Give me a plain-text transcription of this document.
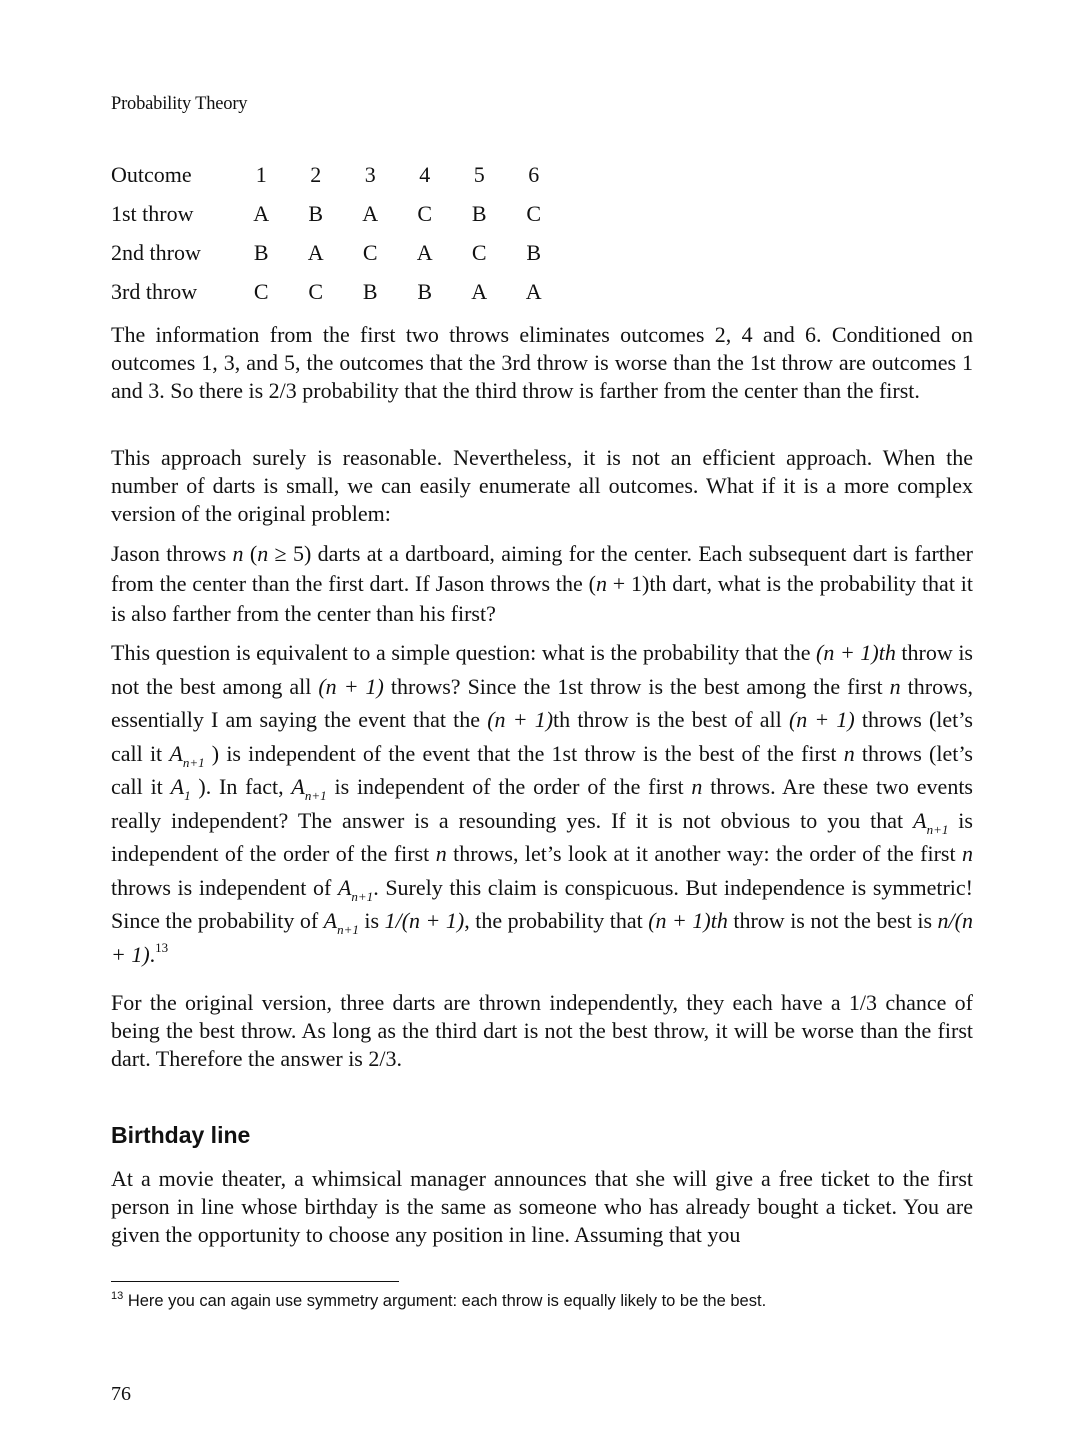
Probability Theory
Outcome	1	2	3	4	5	6
1st throw	A	B	A	C	B	C
2nd throw	B	A	C	A	C	B
3rd throw	C	C	B	B	A	A

The information from the first two throws eliminates outcomes 2, 4 and 6. Conditioned on outcomes 1, 3, and 5, the outcomes that the 3rd throw is worse than the 1st throw are outcomes 1 and 3. So there is 2/3 probability that the third throw is farther from the center than the first.

This approach surely is reasonable. Nevertheless, it is not an efficient approach. When the number of darts is small, we can easily enumerate all outcomes. What if it is a more complex version of the original problem:

Jason throws n (n ≥ 5) darts at a dartboard, aiming for the center. Each subsequent dart is farther from the center than the first dart. If Jason throws the (n + 1)th dart, what is the probability that it is also farther from the center than his first?

This question is equivalent to a simple question: what is the probability that the (n + 1)th throw is not the best among all (n + 1) throws? Since the 1st throw is the best among the first n throws, essentially I am saying the event that the (n + 1)th throw is the best of all (n + 1) throws (let’s call it $A_{n+1}$ ) is independent of the event that the 1st throw is the best of the first n throws (let’s call it $A_1$ ). In fact, $A_{n+1}$ is independent of the order of the first n throws. Are these two events really independent? The answer is a resounding yes. If it is not obvious to you that $A_{n+1}$ is independent of the order of the first n throws, let’s look at it another way: the order of the first n throws is independent of $A_{n+1}$. Surely this claim is conspicuous. But independence is symmetric! Since the probability of $A_{n+1}$ is 1/(n + 1), the probability that (n + 1)th throw is not the best is n/(n + 1).$^{13}$

For the original version, three darts are thrown independently, they each have a 1/3 chance of being the best throw. As long as the third dart is not the best throw, it will be worse than the first dart. Therefore the answer is 2/3.

Birthday line

At a movie theater, a whimsical manager announces that she will give a free ticket to the first person in line whose birthday is the same as someone who has already bought a ticket. You are given the opportunity to choose any position in line. Assuming that you

$^{13}$ Here you can again use symmetry argument: each throw is equally likely to be the best.
76
